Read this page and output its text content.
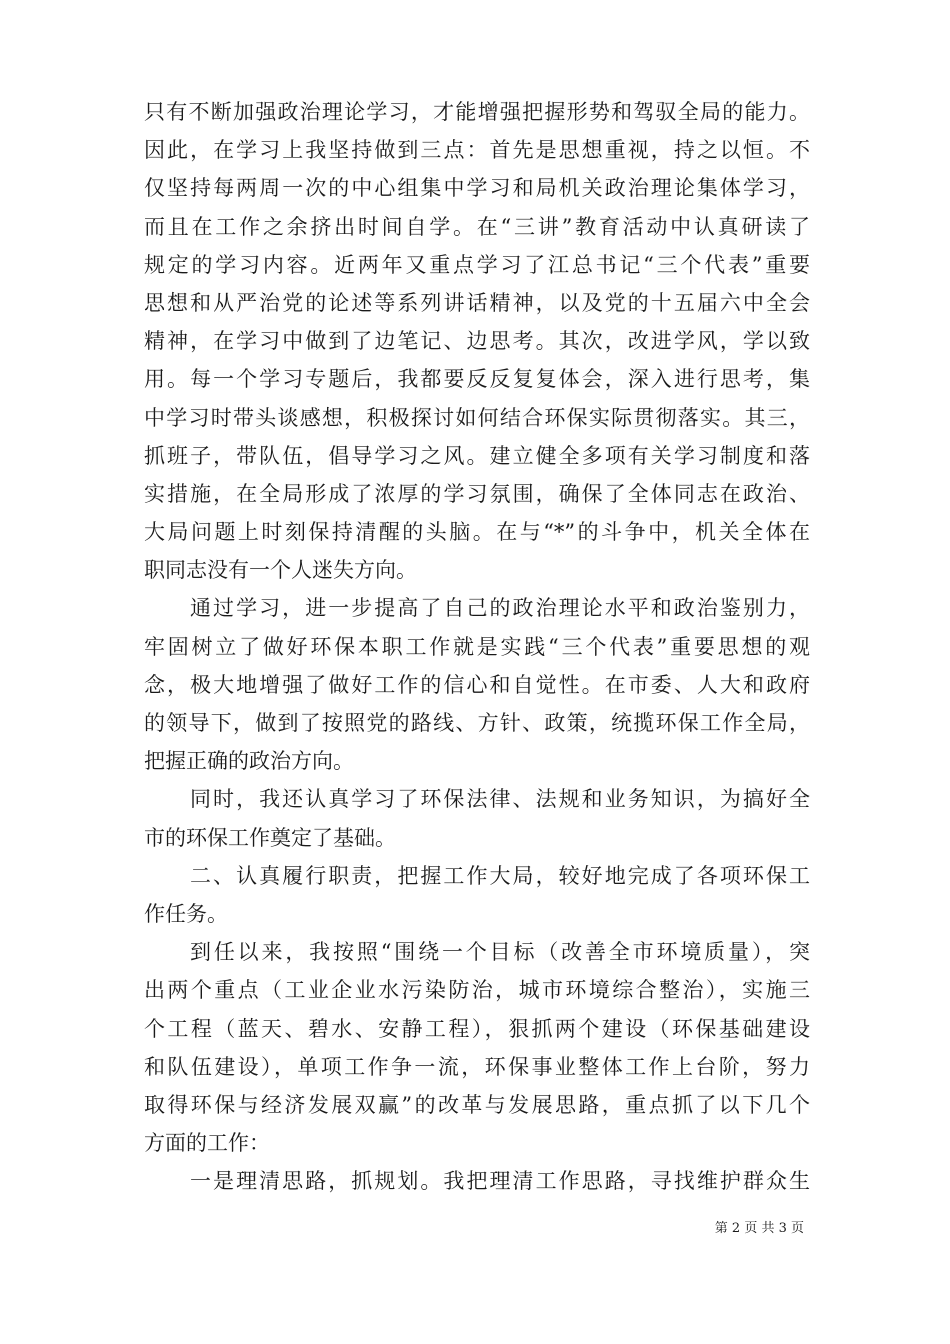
只有不断加强政治理论学习，才能增强把握形势和驾驭全局的能力。
因此，在学习上我坚持做到三点：首先是思想重视，持之以恒。不
仅坚持每两周一次的中心组集中学习和局机关政治理论集体学习，
而且在工作之余挤出时间自学。在“三讲”教育活动中认真研读了
规定的学习内容。近两年又重点学习了江总书记“三个代表”重要
思想和从严治党的论述等系列讲话精神，以及党的十五届六中全会
精神，在学习中做到了边笔记、边思考。其次，改进学风，学以致
用。每一个学习专题后，我都要反反复复体会，深入进行思考，集
中学习时带头谈感想，积极探讨如何结合环保实际贯彻落实。其三，
抓班子，带队伍，倡导学习之风。建立健全多项有关学习制度和落
实措施，在全局形成了浓厚的学习氛围，确保了全体同志在政治、
大局问题上时刻保持清醒的头脑。在与“*”的斗争中，机关全体在
职同志没有一个人迷失方向。
通过学习，进一步提高了自己的政治理论水平和政治鉴别力，
牢固树立了做好环保本职工作就是实践“三个代表”重要思想的观
念，极大地增强了做好工作的信心和自觉性。在市委、人大和政府
的领导下，做到了按照党的路线、方针、政策，统揽环保工作全局，
把握正确的政治方向。
同时，我还认真学习了环保法律、法规和业务知识，为搞好全
市的环保工作奠定了基础。
二、认真履行职责，把握工作大局，较好地完成了各项环保工
作任务。
到任以来，我按照“围绕一个目标（改善全市环境质量），突
出两个重点（工业企业水污染防治，城市环境综合整治），实施三
个工程（蓝天、碧水、安静工程），狠抓两个建设（环保基础建设
和队伍建设），单项工作争一流，环保事业整体工作上台阶，努力
取得环保与经济发展双赢”的改革与发展思路，重点抓了以下几个
方面的工作：
一是理清思路，抓规划。我把理清工作思路，寻找维护群众生
第 2 页 共 3 页
